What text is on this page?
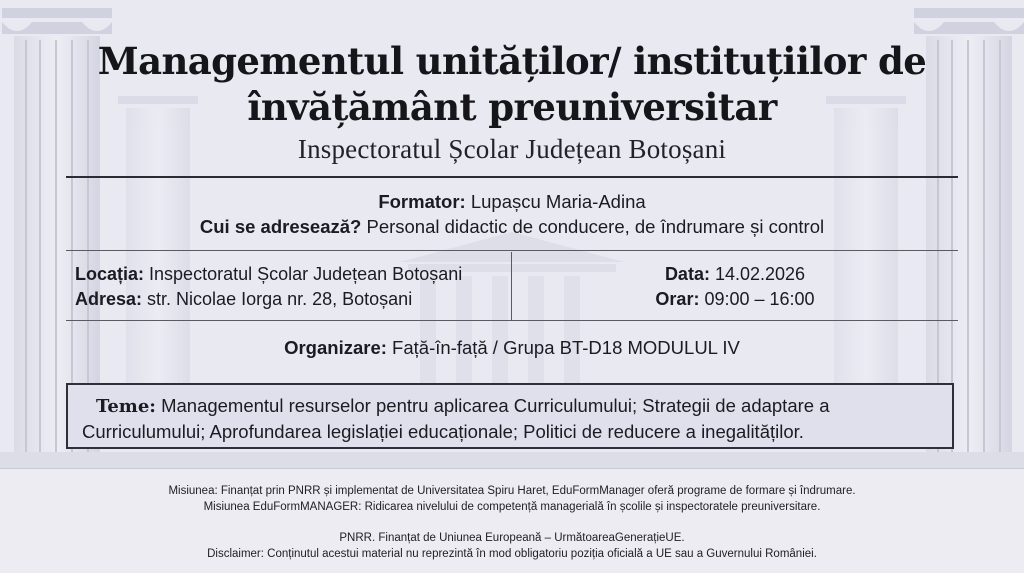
Managementul unităților/ instituțiilor de
învățământ preuniversitar
Inspectoratul Școlar Județean Botoșani
Formator: Lupașcu Maria-Adina
Cui se adresează? Personal didactic de conducere, de îndrumare și control
Locația: Inspectoratul Școlar Județean Botoșani
Adresa: str. Nicolae Iorga nr. 28, Botoșani
Data: 14.02.2026
Orar: 09:00 – 16:00
Organizare: Față-în-față / Grupa BT-D18 MODULUL IV
Teme: Managementul resurselor pentru aplicarea Curriculumului; Strategii de adaptare a
Curriculumului; Aprofundarea legislației educaționale; Politici de reducere a inegalităților.
Misiunea: Finanțat prin PNRR și implementat de Universitatea Spiru Haret, EduFormManager oferă programe de formare și îndrumare.
Misiunea EduFormMANAGER: Ridicarea nivelului de competență managerială în școlile și inspectoratele preuniversitare.
PNRR. Finanțat de Uniunea Europeană – UrmătoareaGenerațieUE.
Disclaimer: Conținutul acestui material nu reprezintă în mod obligatoriu poziția oficială a UE sau a Guvernului României.
